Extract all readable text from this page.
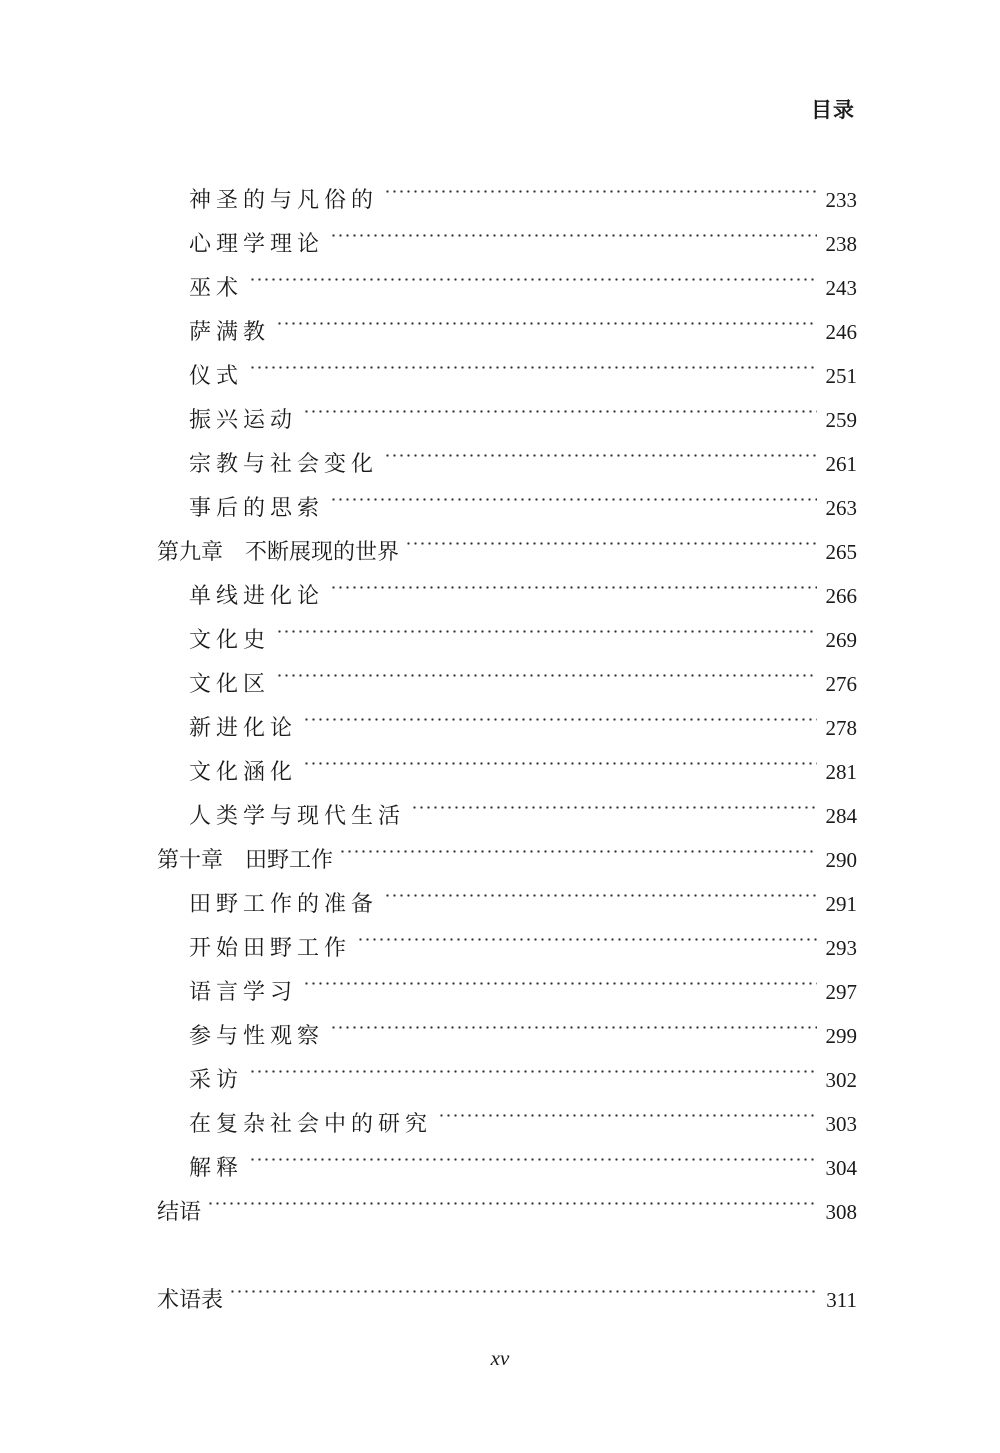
目录
神圣的与凡俗的	233
心理学理论	238
巫术	243
萨满教	246
仪式	251
振兴运动	259
宗教与社会变化	261
事后的思索	263
第九章 不断展现的世界	265
单线进化论	266
文化史	269
文化区	276
新进化论	278
文化涵化	281
人类学与现代生活	284
第十章 田野工作	290
田野工作的准备	291
开始田野工作	293
语言学习	297
参与性观察	299
采访	302
在复杂社会中的研究	303
解释	304
结语	308
术语表	311
xv
